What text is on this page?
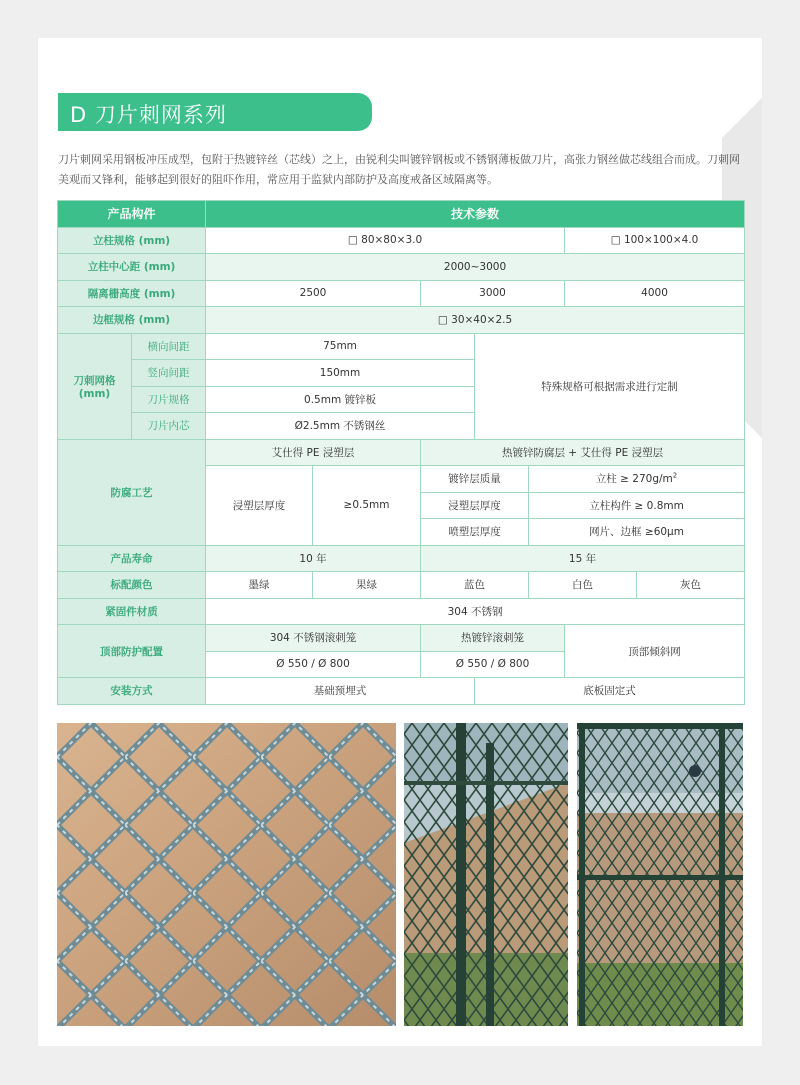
D 刀片刺网系列
刀片刺网采用钢板冲压成型，包附于热镀锌丝（芯线）之上，由锐利尖叫镀锌钢板或不锈钢薄板做刀片，高张力钢丝做芯线组合而成。刀刺网美观而又锋利，能够起到很好的阻吓作用，常应用于监狱内部防护及高度戒备区域隔离等。
产品构件		技术参数						
立柱规格 (mm)		□ 80×80×3.0					□ 100×100×4.0	
立柱中心距 (mm)		2000~3000						
隔离栅高度 (mm)		2500		3000			4000	
边框规格 (mm)		□ 30×40×2.5						
刀刺网格 (mm)	横向间距	75mm			特殊规格可根据需求进行定制			
	竖向间距	150mm						
	刀片规格	0.5mm 镀锌板						
	刀片内芯	Ø2.5mm 不锈钢丝						
防腐工艺		艾仕得 PE 浸塑层		热镀锌防腐层 + 艾仕得 PE 浸塑层				
		浸塑层厚度	≥0.5mm	镀锌层质量		立柱 ≥ $270g/m^2$
				浸塑层厚度		立柱构件 ≥ 0.8mm		
				喷塑层厚度		网片、边框 ≥60μm		
产品寿命		10 年		15 年				
标配颜色		墨绿	果绿	蓝色		白色		灰色
紧固件材质		304 不锈钢						
顶部防护配置		304 不锈钢滚刺笼		热镀锌滚刺笼			顶部倾斜网	
		Ø 550 / Ø 800		Ø 550 / Ø 800				
安装方式		基础预埋式			底板固定式			
